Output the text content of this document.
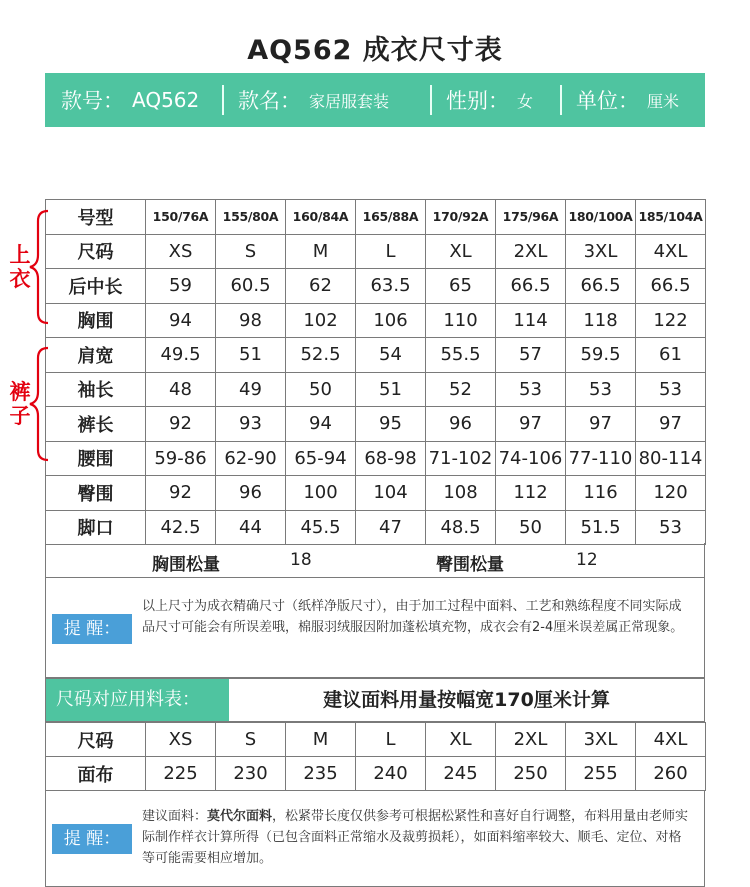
AQ562 成衣尺寸表
款号： AQ562 款名： 家居服套装	性别： 女 单位： 厘米
号型	150/76A	155/80A	160/84A	165/88A	170/92A	175/96A	180/100A	185/104A
尺码	XS	S	M	L	XL	2XL	3XL	4XL
后中长	59	60.5	62	63.5	65	66.5	66.5	66.5
胸围	94	98	102	106	110	114	118	122
肩宽	49.5	51	52.5	54	55.5	57	59.5	61
袖长	48	49	50	51	52	53	53	53
裤长	92	93	94	95	96	97	97	97
腰围	59-86	62-90	65-94	68-98	71-102	74-106	77-110	80-114
臀围	92	96	100	104	108	112	116	120
脚口	42.5	44	45.5	47	48.5	50	51.5	53
胸围松量	18	臀围松量	12
提 醒：
以上尺寸为成衣精确尺寸（纸样净版尺寸），由于加工过程中面料、工艺和熟练程度不同实际成品尺寸可能会有所误差哦，棉服羽绒服因附加蓬松填充物，成衣会有2-4厘米误差属正常现象。
尺码对应用料表：	建议面料用量按幅宽170厘米计算
尺码	XS	S	M	L	XL	2XL	3XL	4XL
面布	225	230	235	240	245	250	255	260
提 醒：
建议面料：莫代尔面料，松紧带长度仅供参考可根据松紧性和喜好自行调整，布料用量由老师实际制作样衣计算所得（已包含面料正常缩水及裁剪损耗），如面料缩率较大、顺毛、定位、对格等可能需要相应增加。
上衣
裤子
